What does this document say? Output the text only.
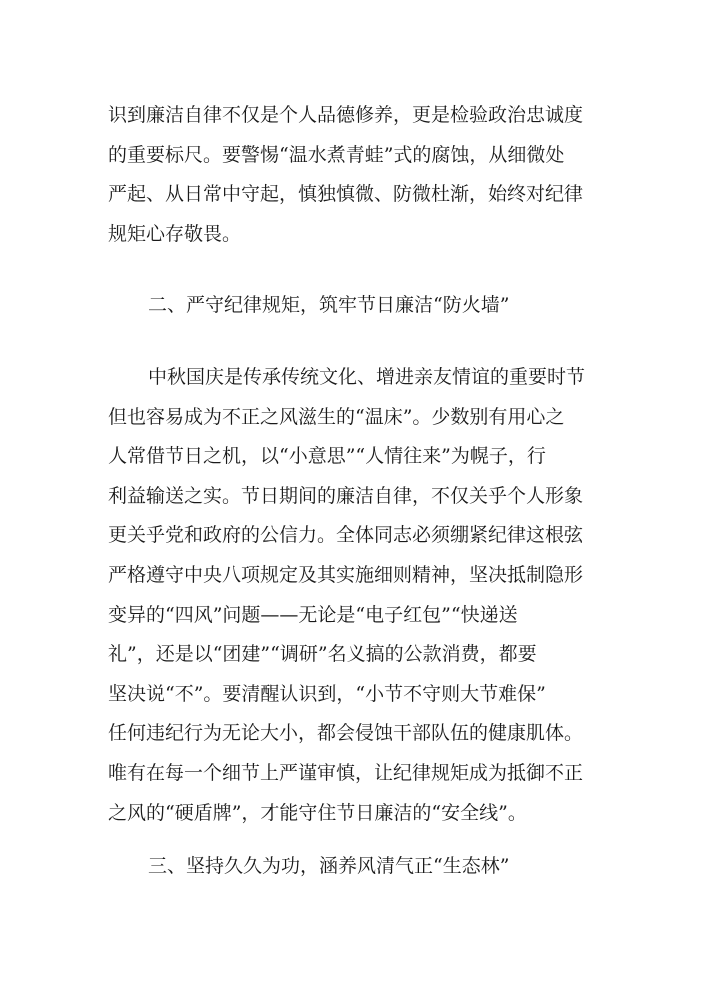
识到廉洁自律不仅是个人品德修养，更是检验政治忠诚度
的重要标尺。要警惕“温水煮青蛙”式的腐蚀，从细微处
严起、从日常中守起，慎独慎微、防微杜渐，始终对纪律
规矩心存敬畏。
二、严守纪律规矩，筑牢节日廉洁“防火墙”
中秋国庆是传承传统文化、增进亲友情谊的重要时节
但也容易成为不正之风滋生的“温床”。少数别有用心之
人常借节日之机，以“小意思”“人情往来”为幌子，行
利益输送之实。节日期间的廉洁自律，不仅关乎个人形象
更关乎党和政府的公信力。全体同志必须绷紧纪律这根弦
严格遵守中央八项规定及其实施细则精神，坚决抵制隐形
变异的“四风”问题——无论是“电子红包”“快递送
礼”，还是以“团建”“调研”名义搞的公款消费，都要
坚决说“不”。要清醒认识到，“小节不守则大节难保”
任何违纪行为无论大小，都会侵蚀干部队伍的健康肌体。
唯有在每一个细节上严谨审慎，让纪律规矩成为抵御不正
之风的“硬盾牌”，才能守住节日廉洁的“安全线”。
三、坚持久久为功，涵养风清气正“生态林”
